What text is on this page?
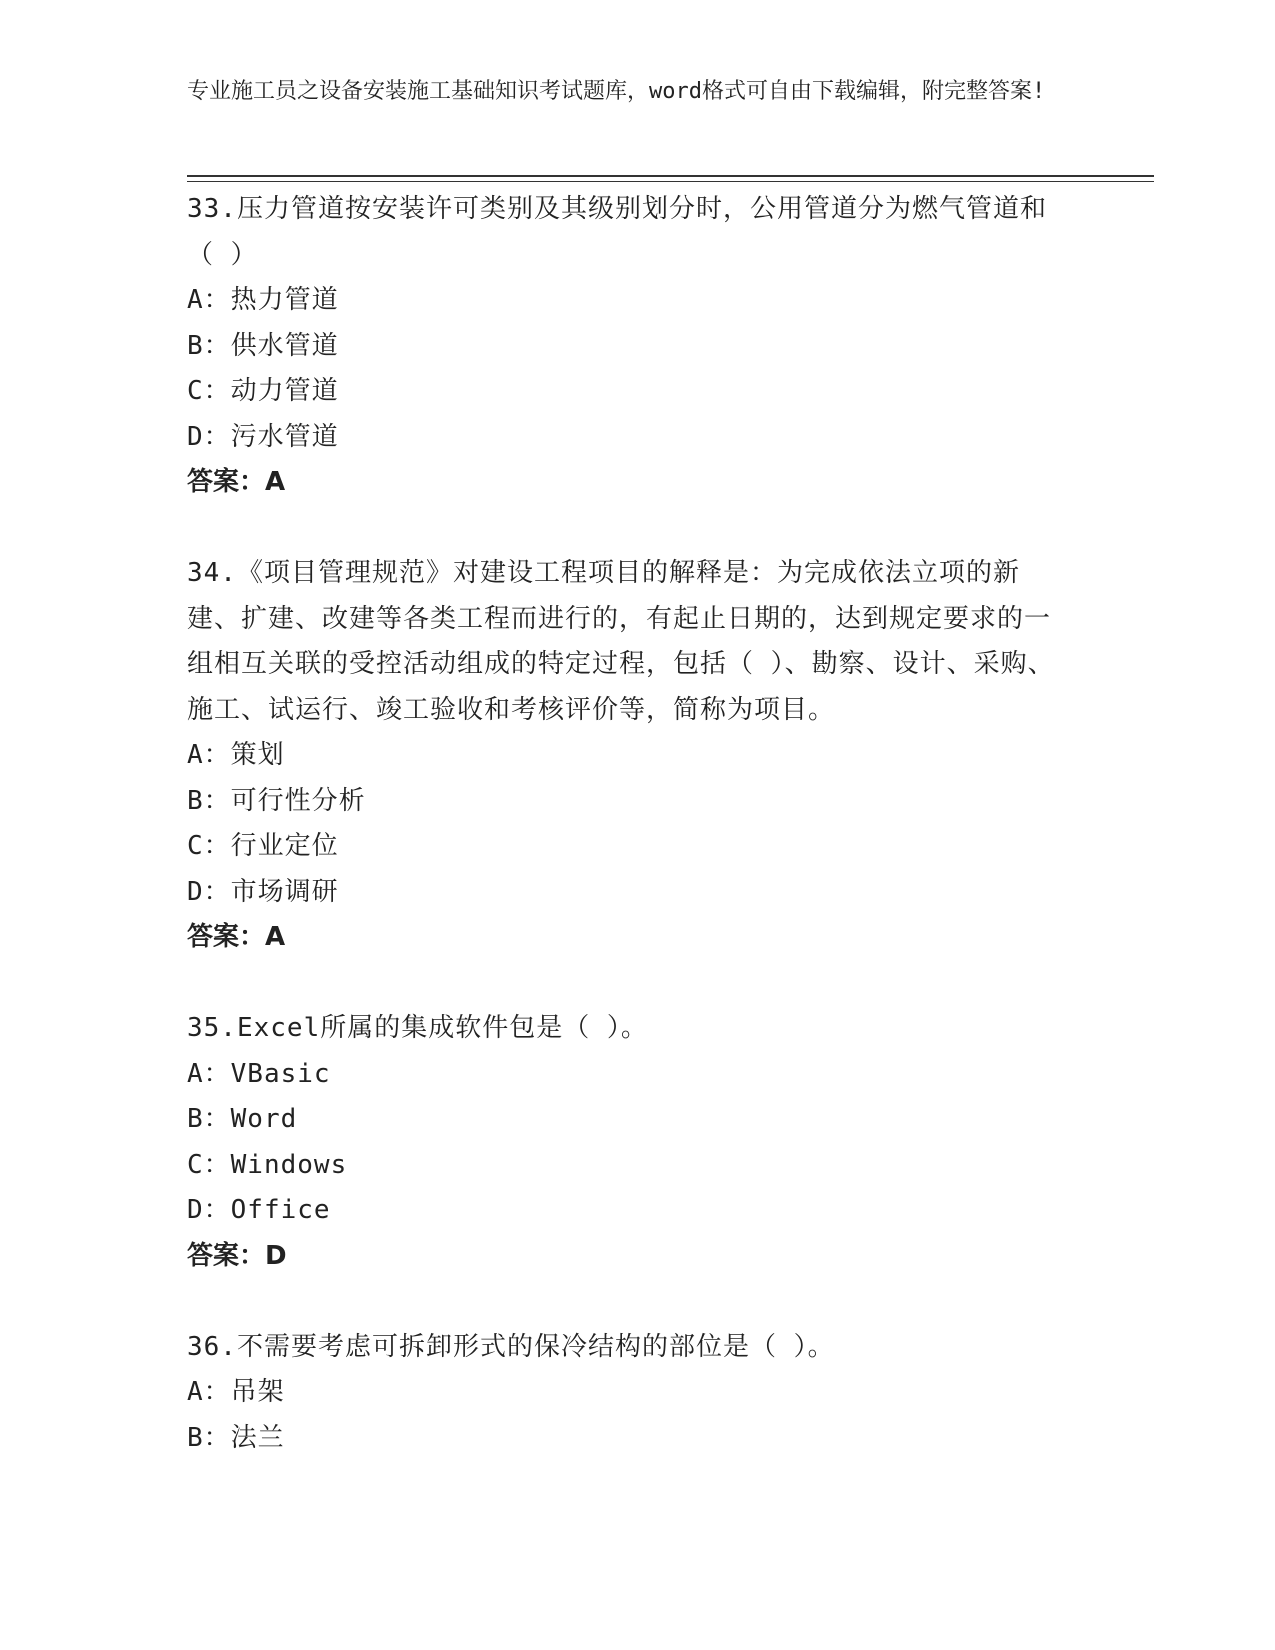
专业施工员之设备安装施工基础知识考试题库，word格式可自由下载编辑，附完整答案!
33.压力管道按安装许可类别及其级别划分时，公用管道分为燃气管道和（ ）
A：热力管道
B：供水管道
C：动力管道
D：污水管道
答案：A
34.《项目管理规范》对建设工程项目的解释是：为完成依法立项的新建、扩建、改建等各类工程而进行的，有起止日期的，达到规定要求的一组相互关联的受控活动组成的特定过程，包括（ ）、勘察、设计、采购、施工、试运行、竣工验收和考核评价等，简称为项目。
A：策划
B：可行性分析
C：行业定位
D：市场调研
答案：A
35.Excel所属的集成软件包是（ ）。
A：VBasic
B：Word
C：Windows
D：Office
答案：D
36.不需要考虑可拆卸形式的保冷结构的部位是（ ）。
A：吊架
B：法兰
